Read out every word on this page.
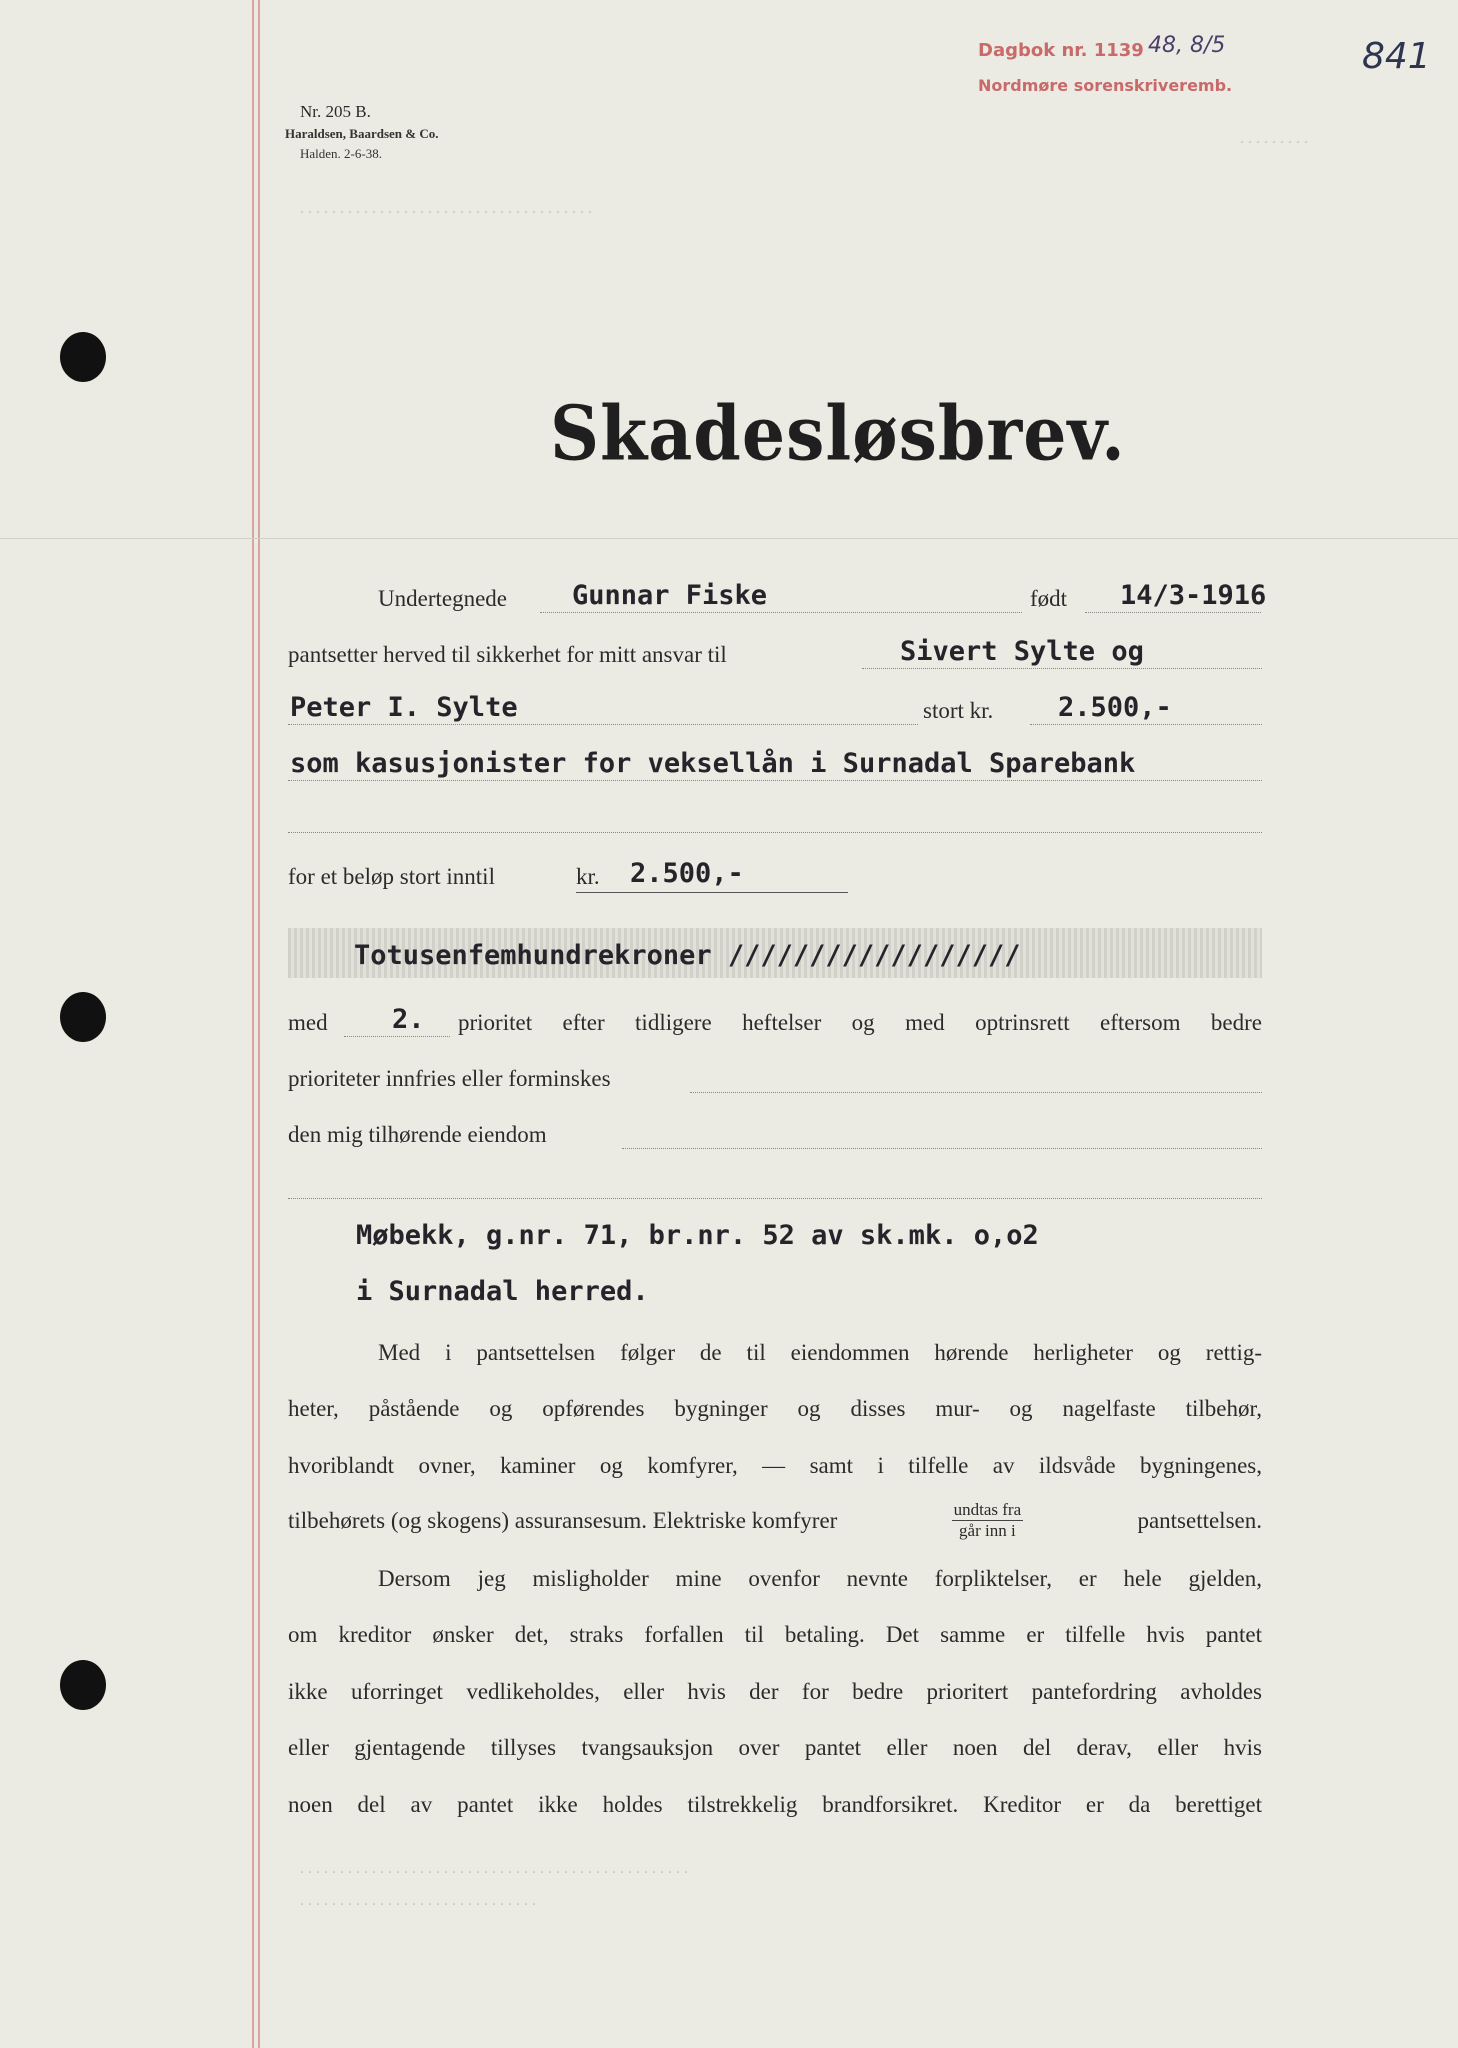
. . . . . . . . .
. . . . . . . . . . . . . . . . . . . . . . . . . . . . . . . . . . . . .
Dagbok nr. 1139 48, 8/5
Nordmøre sorenskriveremb.
841
Nr. 205 B.
Haraldsen, Baardsen & Co.
Halden. 2-6-38.
Skadesløsbrev.
Undertegnede Gunnar Fiske	født 14/3-1916
pantsetter herved til sikkerhet for mitt ansvar til	Sivert Sylte og
Peter I. Sylte	stort kr. 2.500,-
som kasusjonister for veksellån i Surnadal Sparebank
for et beløp stort inntil	kr. 2.500,-
Totusenfemhundrekroner //////////////////
med 2. prioritet efter tidligere heftelser og med optrinsrett eftersom bedre
prioriteter innfries eller forminskes
den mig tilhørende eiendom
Møbekk, g.nr. 71, br.nr. 52 av sk.mk. o,o2
i Surnadal herred.
Med i pantsettelsen følger de til eiendommen hørende herligheter og rettig-
heter, påstående og opførendes bygninger og disses mur- og nagelfaste tilbehør,
hvoriblandt ovner, kaminer og komfyrer, — samt i tilfelle av ildsvåde bygningenes,
tilbehørets (og skogens) assuransesum. Elektriske komfyrer	$\frac{\text{undtas fra}}{\text{går inn i}}$	pantsettelsen.
Dersom jeg misligholder mine ovenfor nevnte forpliktelser, er hele gjelden,
om kreditor ønsker det, straks forfallen til betaling. Det samme er tilfelle hvis pantet
ikke uforringet vedlikeholdes, eller hvis der for bedre prioritert pantefordring avholdes
eller gjentagende tillyses tvangsauksjon over pantet eller noen del derav, eller hvis
noen del av pantet ikke holdes tilstrekkelig brandforsikret. Kreditor er da berettiget
. . . . . . . . . . . . . . . . . . . . . . . . . . . . . . . . . . . . . . . . . . . . . . . . .
. . . . . . . . . . . . . . . . . . . . . . . . . . . . . .
